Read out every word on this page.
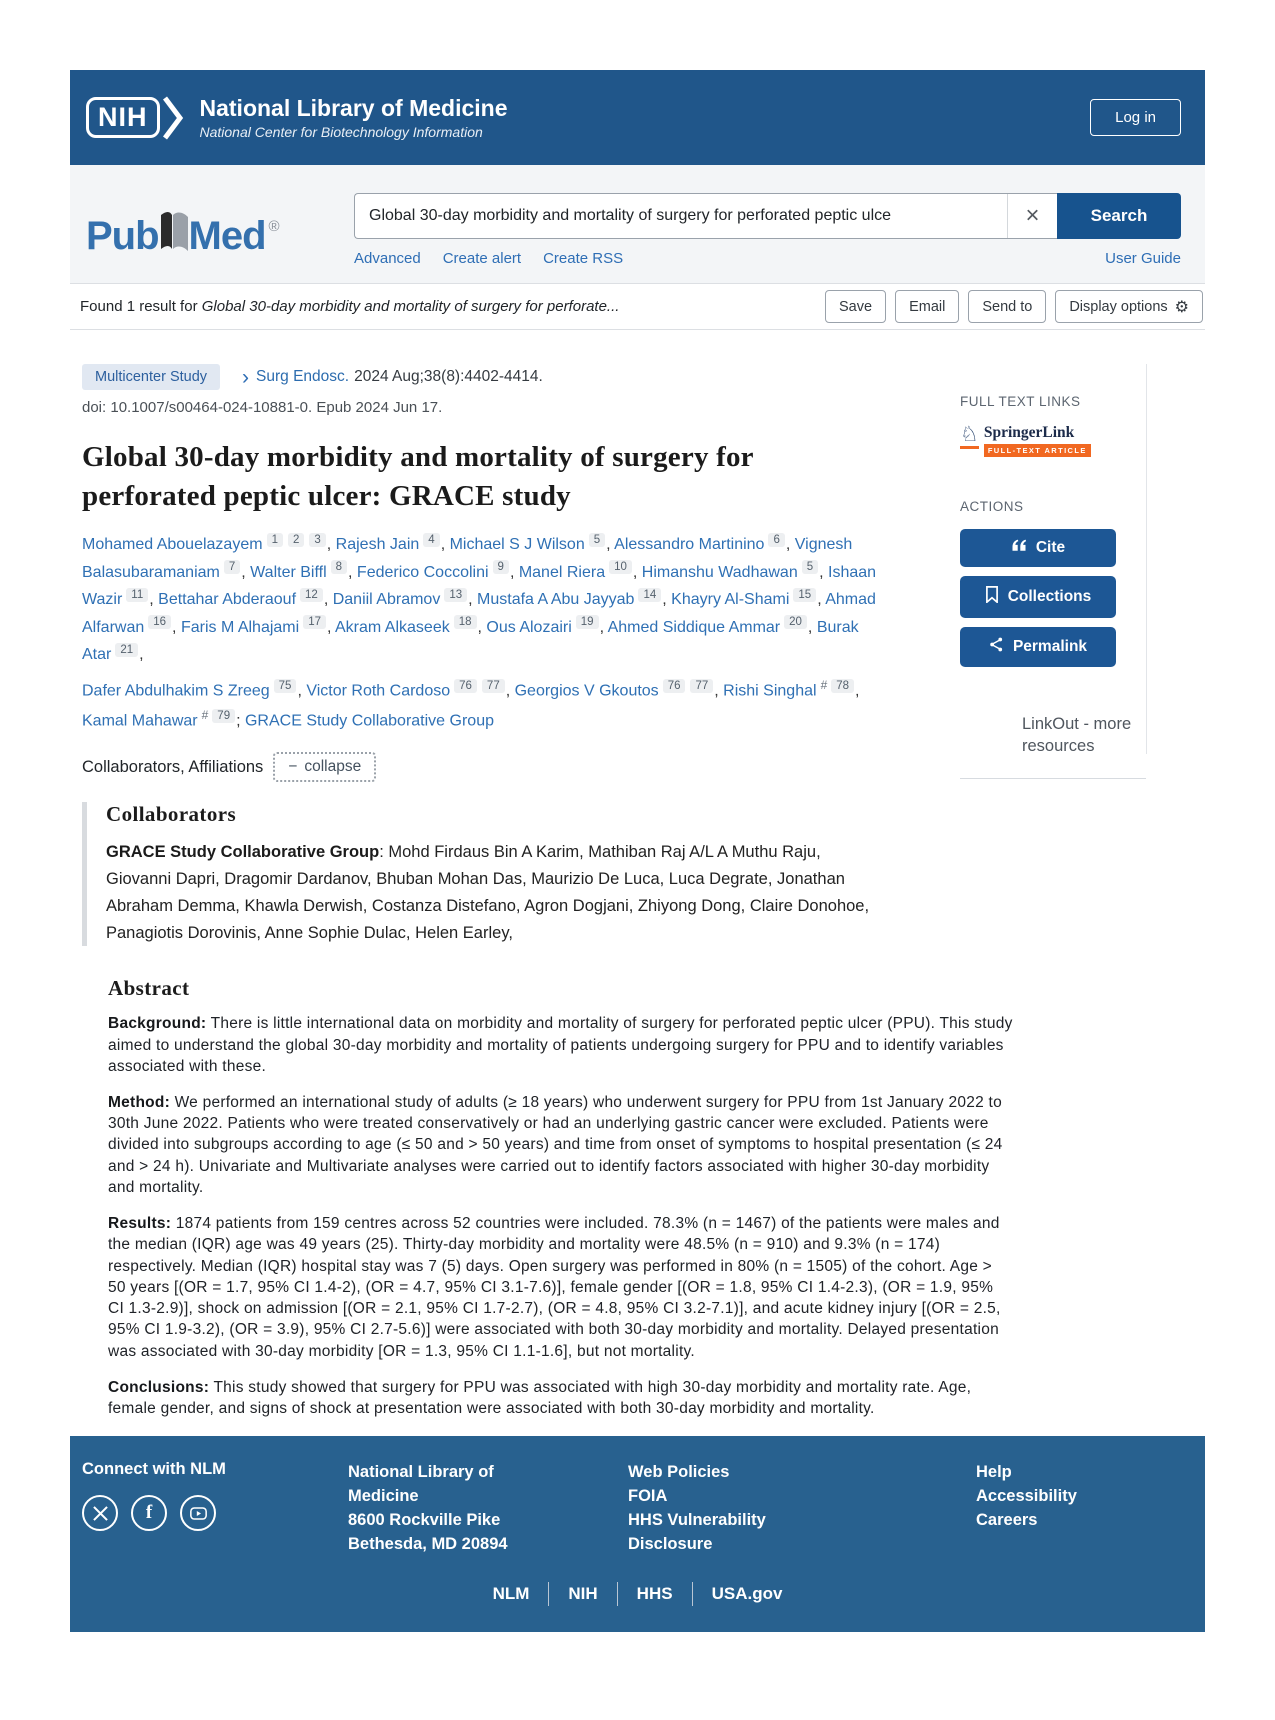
NIH	National Library of Medicine
National Center for Biotechnology Information
Log in
Pub Med ®
Global 30-day morbidity and mortality of surgery for perforated peptic ulce	×	Search
Advanced Create alert Create RSS	User Guide
Found 1 result for Global 30-day morbidity and mortality of surgery for perforate...	Save	Email	Send to	Display options ⚙
Multicenter Study	› Surg Endosc. 2024 Aug;38(8):4402-4414.
doi: 10.1007/s00464-024-10881-0. Epub 2024 Jun 17.
Global 30-day morbidity and mortality of surgery for perforated peptic ulcer: GRACE study
Mohamed Abouelazayem $^1$ $^2$ $^3$ , Rajesh Jain $^4$ , Michael S J Wilson $^5$ , Alessandro Martinino $^6$ , Vignesh Balasubaramaniam $^7$ , Walter Biffl $^8$ , Federico Coccolini $^9$ , Manel Riera $^{10}$ , Himanshu Wadhawan $^5$ , Ishaan Wazir $^{11}$ , Bettahar Abderaouf $^{12}$ , Daniil Abramov $^{13}$ , Mustafa A Abu Jayyab $^{14}$ , Khayry Al-Shami $^{15}$ , Ahmad Alfarwan $^{16}$ , Faris M Alhajami $^{17}$ , Akram Alkaseek $^{18}$ , Ous Alozairi $^{19}$ , Ahmed Siddique Ammar $^{20}$ , Burak Atar $^{21}$ ,
Dafer Abdulhakim S Zreeg $^{75}$ , Victor Roth Cardoso $^{76}$ $^{77}$ , Georgios V Gkoutos $^{76}$ $^{77}$ , Rishi Singhal # $^{78}$ , Kamal Mahawar # $^{79}$ ; GRACE Study Collaborative Group
Collaborators, Affiliations − collapse
Collaborators

GRACE Study Collaborative Group: Mohd Firdaus Bin A Karim, Mathiban Raj A/L A Muthu Raju, Giovanni Dapri, Dragomir Dardanov, Bhuban Mohan Das, Maurizio De Luca, Luca Degrate, Jonathan Abraham Demma, Khawla Derwish, Costanza Distefano, Agron Dogjani, Zhiyong Dong, Claire Donohoe, Panagiotis Dorovinis, Anne Sophie Dulac, Helen Earley,

FULL TEXT LINKS
♘ SpringerLink
FULL-TEXT ARTICLE
ACTIONS
Cite
Collections
Permalink
LinkOut - more resources
Abstract

Background: There is little international data on morbidity and mortality of surgery for perforated peptic ulcer (PPU). This study aimed to understand the global 30-day morbidity and mortality of patients undergoing surgery for PPU and to identify variables associated with these.

Method: We performed an international study of adults (≥ 18 years) who underwent surgery for PPU from 1st January 2022 to 30th June 2022. Patients who were treated conservatively or had an underlying gastric cancer were excluded. Patients were divided into subgroups according to age (≤ 50 and > 50 years) and time from onset of symptoms to hospital presentation (≤ 24 and > 24 h). Univariate and Multivariate analyses were carried out to identify factors associated with higher 30-day morbidity and mortality.

Results: 1874 patients from 159 centres across 52 countries were included. 78.3% (n = 1467) of the patients were males and the median (IQR) age was 49 years (25). Thirty-day morbidity and mortality were 48.5% (n = 910) and 9.3% (n = 174) respectively. Median (IQR) hospital stay was 7 (5) days. Open surgery was performed in 80% (n = 1505) of the cohort. Age > 50 years [(OR = 1.7, 95% CI 1.4-2), (OR = 4.7, 95% CI 3.1-7.6)], female gender [(OR = 1.8, 95% CI 1.4-2.3), (OR = 1.9, 95% CI 1.3-2.9)], shock on admission [(OR = 2.1, 95% CI 1.7-2.7), (OR = 4.8, 95% CI 3.2-7.1)], and acute kidney injury [(OR = 2.5, 95% CI 1.9-3.2), (OR = 3.9), 95% CI 2.7-5.6)] were associated with both 30-day morbidity and mortality. Delayed presentation was associated with 30-day morbidity [OR = 1.3, 95% CI 1.1-1.6], but not mortality.

Conclusions: This study showed that surgery for PPU was associated with high 30-day morbidity and mortality rate. Age, female gender, and signs of shock at presentation were associated with both 30-day morbidity and mortality.

Connect with NLM
f
National Library of Medicine
8600 Rockville Pike
Bethesda, MD 20894
Web Policies
FOIA
HHS Vulnerability Disclosure
Help
Accessibility
Careers
NLM	NIH	HHS	USA.gov
